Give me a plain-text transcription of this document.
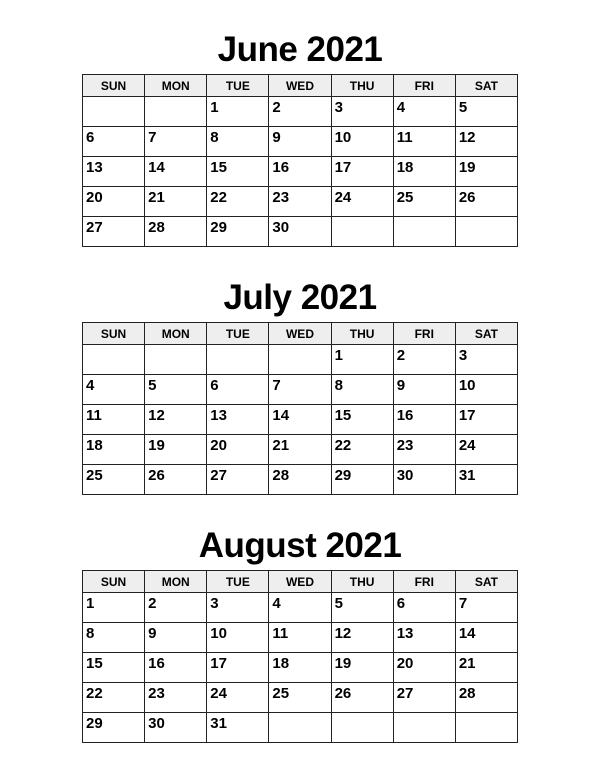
June 2021
SUN	MON	TUE	WED	THU	FRI	SAT

		1	2	3	4	5

6	7	8	9	10	11	12

13	14	15	16	17	18	19

20	21	22	23	24	25	26

27	28	29	30			

July 2021
SUN	MON	TUE	WED	THU	FRI	SAT

				1	2	3

4	5	6	7	8	9	10

11	12	13	14	15	16	17

18	19	20	21	22	23	24

25	26	27	28	29	30	31
August 2021
SUN	MON	TUE	WED	THU	FRI	SAT

1	2	3	4	5	6	7

8	9	10	11	12	13	14

15	16	17	18	19	20	21

22	23	24	25	26	27	28

29	30	31				
